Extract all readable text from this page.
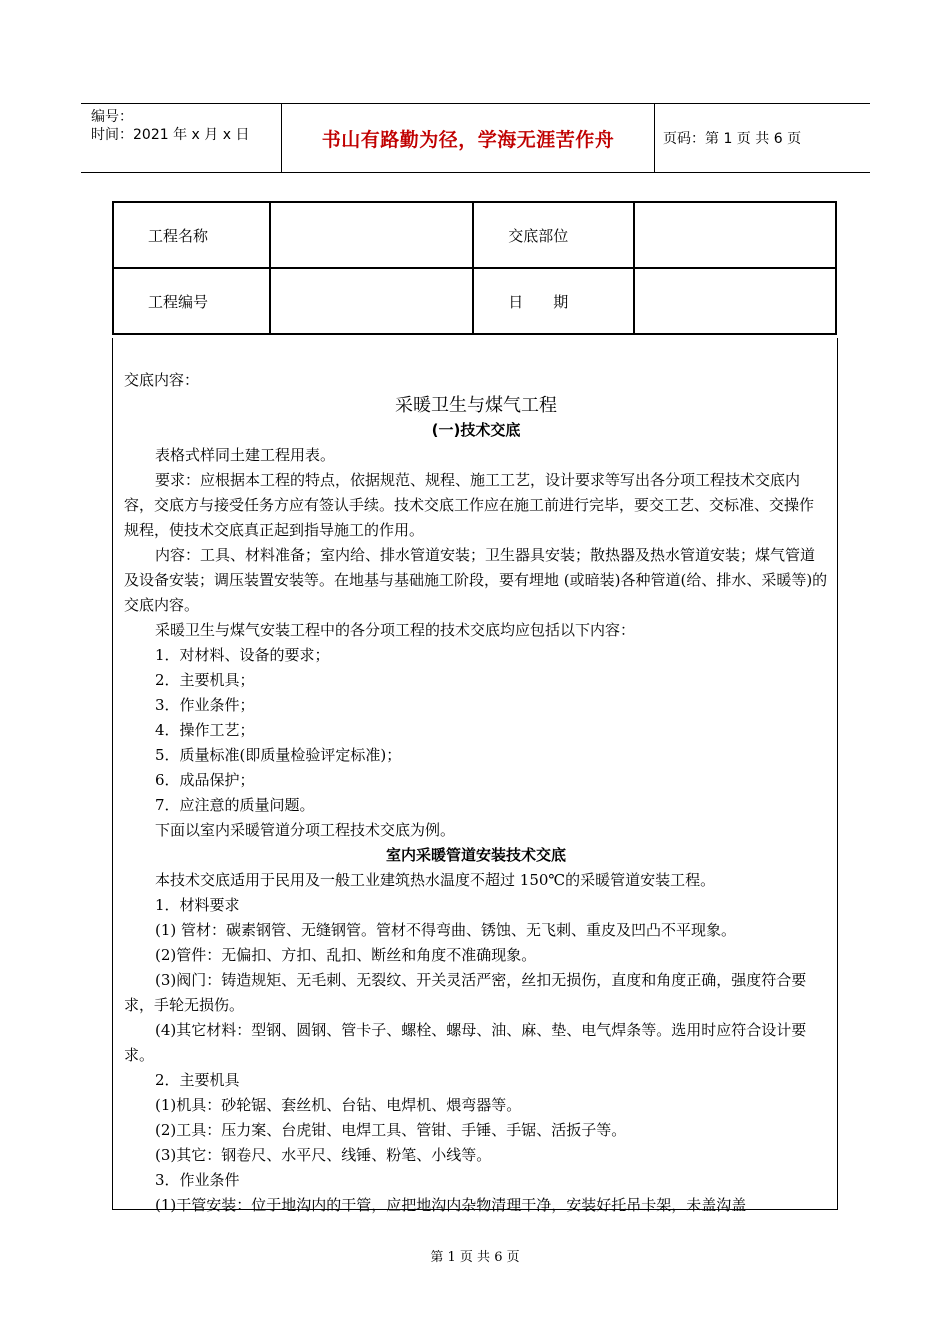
编号：
时间：2021 年 x 月 x 日	书山有路勤为径，学海无涯苦作舟	页码：第 1 页 共 6 页
工程名称		交底部位	
工程编号		日　　期	

交底内容：

采暖卫生与煤气工程

(一)技术交底

表格式样同土建工程用表。

要求：应根据本工程的特点，依据规范、规程、施工工艺，设计要求等写出各分项工程技术交底内容，交底方与接受任务方应有签认手续。技术交底工作应在施工前进行完毕，要交工艺、交标准、交操作规程，使技术交底真正起到指导施工的作用。

内容：工具、材料准备；室内给、排水管道安装；卫生器具安装；散热器及热水管道安装；煤气管道及设备安装；调压装置安装等。在地基与基础施工阶段，要有埋地 (或暗装)各种管道(给、排水、采暖等)的交底内容。

采暖卫生与煤气安装工程中的各分项工程的技术交底均应包括以下内容：

1．对材料、设备的要求；

2．主要机具；

3．作业条件；

4．操作工艺；

5．质量标准(即质量检验评定标准)；

6．成品保护；

7．应注意的质量问题。

下面以室内采暖管道分项工程技术交底为例。

室内采暖管道安装技术交底

本技术交底适用于民用及一般工业建筑热水温度不超过 150℃的采暖管道安装工程。

1．材料要求

(1) 管材：碳素钢管、无缝钢管。管材不得弯曲、锈蚀、无飞刺、重皮及凹凸不平现象。

(2)管件：无偏扣、方扣、乱扣、断丝和角度不准确现象。

(3)阀门：铸造规矩、无毛刺、无裂纹、开关灵活严密，丝扣无损伤，直度和角度正确，强度符合要求，手轮无损伤。

(4)其它材料：型钢、圆钢、管卡子、螺栓、螺母、油、麻、垫、电气焊条等。选用时应符合设计要求。

2．主要机具

(1)机具：砂轮锯、套丝机、台钻、电焊机、煨弯器等。

(2)工具：压力案、台虎钳、电焊工具、管钳、手锤、手锯、活扳子等。

(3)其它：钢卷尺、水平尺、线锤、粉笔、小线等。

3．作业条件

(1)干管安装：位于地沟内的干管，应把地沟内杂物清理干净，安装好托吊卡架，未盖沟盖

第 1 页 共 6 页
